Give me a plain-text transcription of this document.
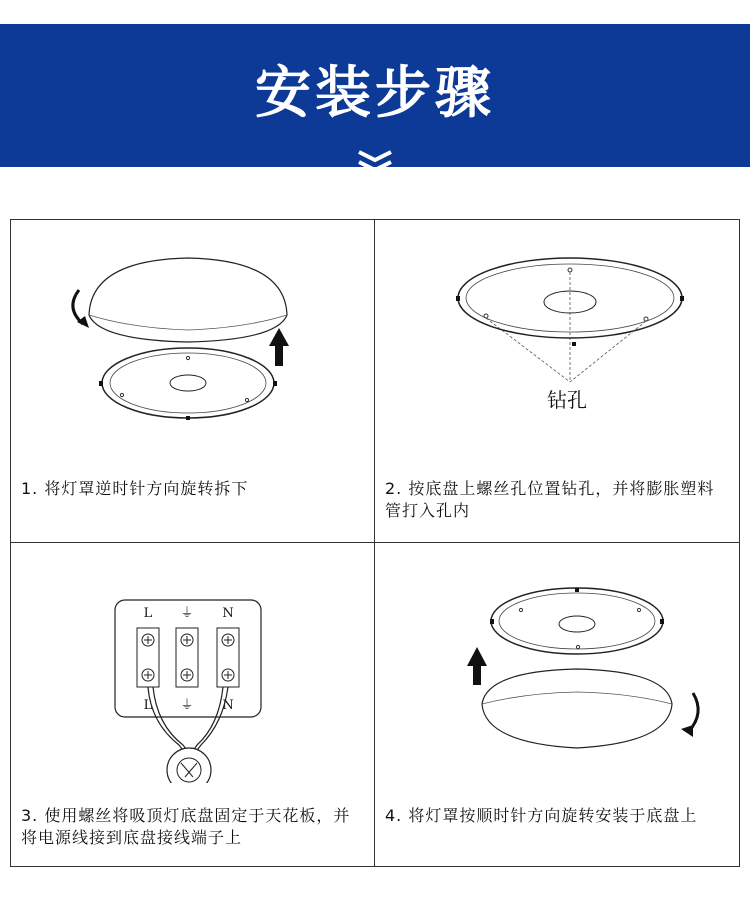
安装步骤
1. 将灯罩逆时针方向旋转拆下
钻孔
2. 按底盘上螺丝孔位置钻孔，并将膨胀塑料管打入孔内
L ⏚ N
L ⏚ N
3. 使用螺丝将吸顶灯底盘固定于天花板，并将电源线接到底盘接线端子上
4. 将灯罩按顺时针方向旋转安装于底盘上
